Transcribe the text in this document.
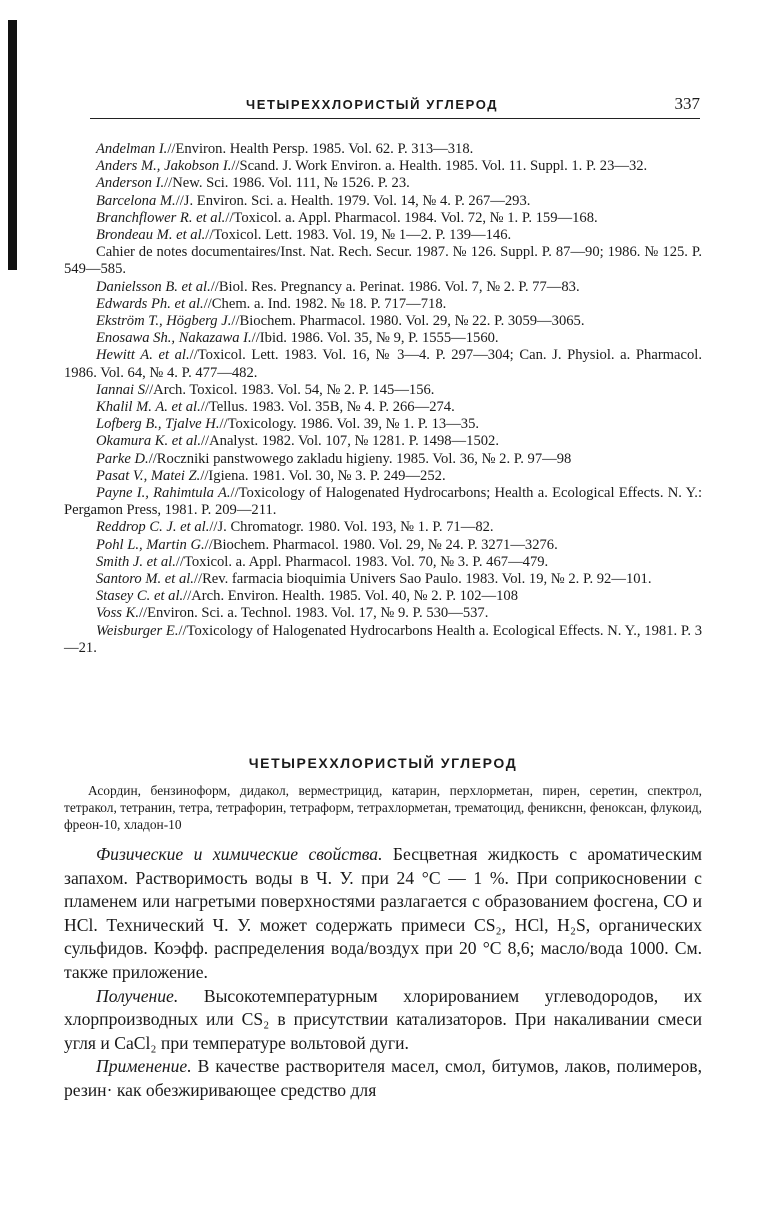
ЧЕТЫРЕХХЛОРИСТЫЙ УГЛЕРОД	337

Andelman I.//Environ. Health Persp. 1985. Vol. 62. P. 313—318.

Anders M., Jakobson I.//Scand. J. Work Environ. a. Health. 1985. Vol. 11. Suppl. 1. P. 23—32.

Anderson I.//New. Sci. 1986. Vol. 111, № 1526. P. 23.

Barcelona M.//J. Environ. Sci. a. Health. 1979. Vol. 14, № 4. P. 267—293.

Branchflower R. et al.//Toxicol. a. Appl. Pharmacol. 1984. Vol. 72, № 1. P. 159—168.

Brondeau M. et al.//Toxicol. Lett. 1983. Vol. 19, № 1—2. P. 139—146.

Cahier de notes documentaires/Inst. Nat. Rech. Secur. 1987. № 126. Suppl. P. 87—90; 1986. № 125. P. 549—585.

Danielsson B. et al.//Biol. Res. Pregnancy a. Perinat. 1986. Vol. 7, № 2. P. 77—83.

Edwards Ph. et al.//Chem. a. Ind. 1982. № 18. P. 717—718.

Ekström T., Högberg J.//Biochem. Pharmacol. 1980. Vol. 29, № 22. P. 3059—3065.

Enosawa Sh., Nakazawa I.//Ibid. 1986. Vol. 35, № 9, P. 1555—1560.

Hewitt A. et al.//Toxicol. Lett. 1983. Vol. 16, № 3—4. P. 297—304; Can. J. Physiol. a. Pharmacol. 1986. Vol. 64, № 4. P. 477—482.

Iannai S//Arch. Toxicol. 1983. Vol. 54, № 2. P. 145—156.

Khalil M. A. et al.//Tellus. 1983. Vol. 35B, № 4. P. 266—274.

Lofberg B., Tjalve H.//Toxicology. 1986. Vol. 39, № 1. P. 13—35.

Okamura K. et al.//Analyst. 1982. Vol. 107, № 1281. P. 1498—1502.

Parke D.//Roczniki panstwowego zakladu higieny. 1985. Vol. 36, № 2. P. 97—98

Pasat V., Matei Z.//Igiena. 1981. Vol. 30, № 3. P. 249—252.

Payne I., Rahimtula A.//Toxicology of Halogenated Hydrocarbons; Health a. Ecological Effects. N. Y.: Pergamon Press, 1981. P. 209—211.

Reddrop C. J. et al.//J. Chromatogr. 1980. Vol. 193, № 1. P. 71—82.

Pohl L., Martin G.//Biochem. Pharmacol. 1980. Vol. 29, № 24. P. 3271—3276.

Smith J. et al.//Toxicol. a. Appl. Pharmacol. 1983. Vol. 70, № 3. P. 467—479.

Santoro M. et al.//Rev. farmacia bioquimia Univers Sao Paulo. 1983. Vol. 19, № 2. P. 92—101.

Stasey C. et al.//Arch. Environ. Health. 1985. Vol. 40, № 2. P. 102—108

Voss K.//Environ. Sci. a. Technol. 1983. Vol. 17, № 9. P. 530—537.

Weisburger E.//Toxicology of Halogenated Hydrocarbons Health a. Ecological Effects. N. Y., 1981. P. 3—21.

ЧЕТЫРЕХХЛОРИСТЫЙ УГЛЕРОД

Асордин, бензиноформ, дидакол, верместрицид, катарин, перхлорметан, пирен, серетин, спектрол, тетракол, тетранин, тетра, тетрафорин, тетраформ, тетрахлорметан, трематоцид, феникснн, феноксан, флукоид, фреон-10, хладон-10

Физические и химические свойства. Бесцветная жидкость с ароматическим запахом. Растворимость воды в Ч. У. при 24 °С — 1 %. При соприкосновении с пламенем или нагретыми поверхностями разлагается с образованием фосгена, CO и HCl. Технический Ч. У. может содержать примеси CS₂, HCl, H₂S, органических сульфидов. Коэфф. распределения вода/воздух при 20 °С 8,6; масло/вода 1000. См. также приложение.

Получение. Высокотемпературным хлорированием углеводородов, их хлорпроизводных или CS₂ в присутствии катализаторов. При накаливании смеси угля и CaCl₂ при температуре вольтовой дуги.

Применение. В качестве растворителя масел, смол, битумов, лаков, полимеров, резин· как обезжиривающее средство для
